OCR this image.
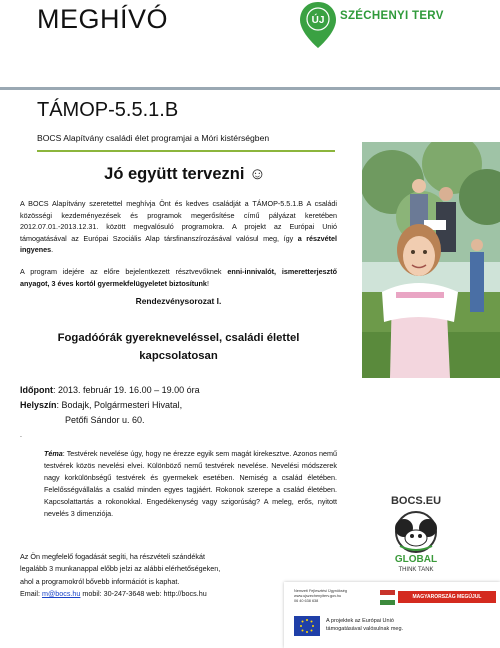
MEGHÍVÓ	ÚJ SZÉCHENYI TERV
TÁMOP-5.5.1.B
BOCS Alapítvány családi élet programjai a Móri kistérségben
Jó együtt tervezni ☺
A BOCS Alapítvány szeretettel meghívja Önt és kedves családját a TÁMOP-5.5.1.B A családi közösségi kezdeményezések és programok megerősítése című pályázat keretében 2012.07.01.-2013.12.31. között megvalósuló programokra. A projekt az Európai Unió támogatásával az Európai Szociális Alap társfinanszírozásával valósul meg, így a részvétel ingyenes.
A program idejére az előre bejelentkezett résztvevőknek enni-innivalót, ismeretterjesztő anyagot, 3 éves kortól gyermekfelügyeletet biztosítunk!
Rendezvénysorozat I.
Fogadóórák gyerekneveléssel, családi élettel
kapcsolatosan
Időpont: 2013. február 19. 16.00 – 19.00 óra
Helyszín: Bodajk, Polgármesteri Hivatal,
Petőfi Sándor u. 60.
.
Téma: Testvérek nevelése úgy, hogy ne érezze egyik sem magát kirekesztve. Azonos nemű testvérek közös nevelési elvei. Különböző nemű testvérek nevelése. Nevelési módszerek nagy korkülönbségű testvérek és gyermekek esetében. Nemiség a család életében. Felelősségvállalás a család minden egyes tagjáért. Rokonok szerepe a család életében. Kapcsolattartás a rokonokkal. Engedékenység vagy szigorúság? A meleg, erős, nyitott nevelés 3 dimenziója.
Az Ön megfelelő fogadását segíti, ha részvételi szándékát
legalább 3 munkanappal előbb jelzi az alábbi elérhetőségeken,
ahol a programokról bővebb információt is kaphat.
Email: m@bocs.hu mobil: 30-247-3648 web: http://bocs.hu
BOCS.EU
GLOBAL
THINK TANK
Nemzeti Fejlesztési Ügynökség
www.ujszechenyiterv.gov.hu
06 40 638 638
MAGYARORSZÁG MEGÚJUL
A projektek az Európai Unió
támogatásával valósulnak meg.
